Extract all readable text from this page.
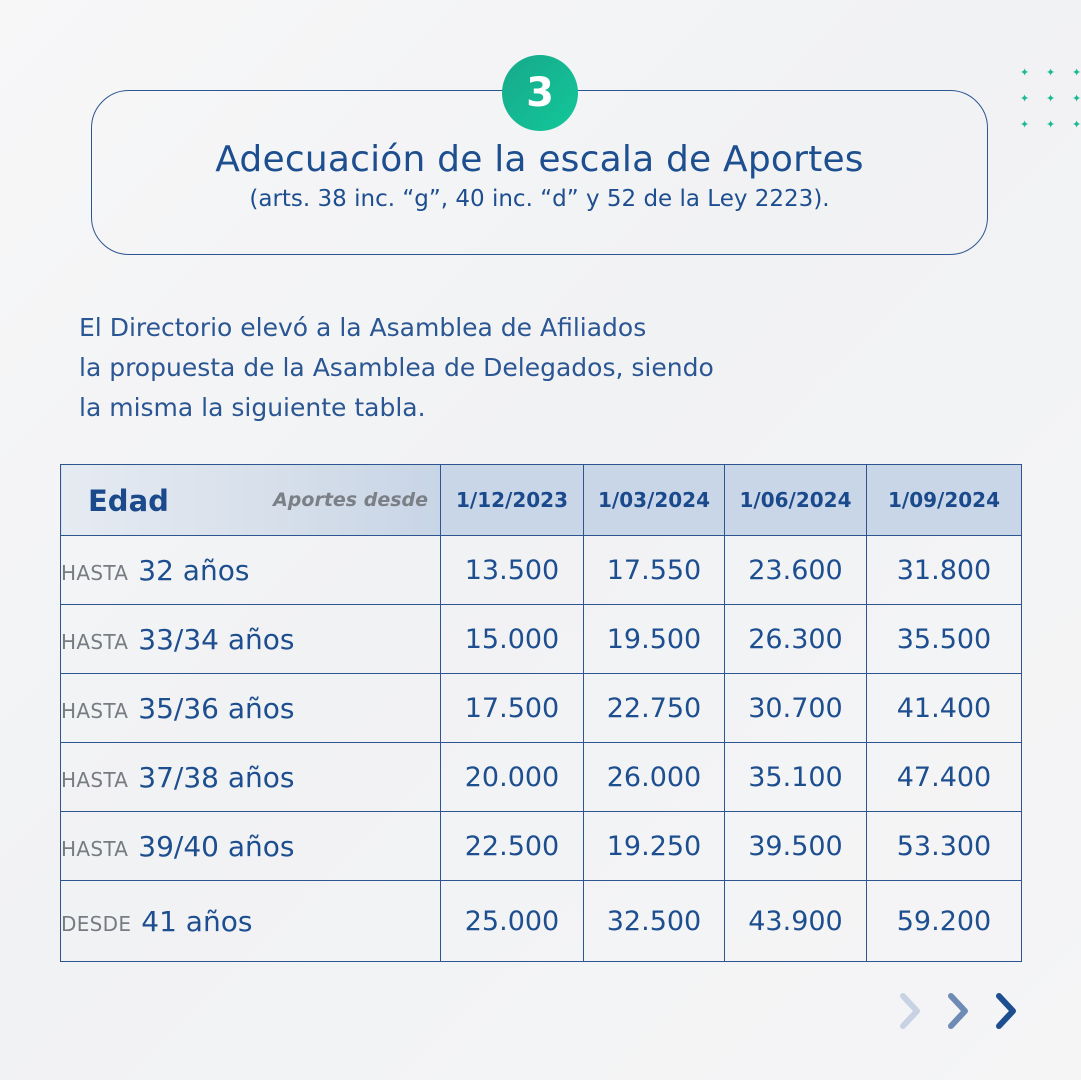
3
Adecuación de la escala de Aportes
(arts. 38 inc. “g”, 40 inc. “d” y 52 de la Ley 2223).
✦ ✦ ✦
✦ ✦ ✦
✦ ✦ ✦
El Directorio elevó a la Asamblea de Afiliados
la propuesta de la Asamblea de Delegados, siendo
la misma la siguiente tabla.
Edad Aportes desde	1/12/2023	1/03/2024	1/06/2024	1/09/2024
HASTA 32 años	13.500	17.550	23.600	31.800
HASTA 33/34 años	15.000	19.500	26.300	35.500
HASTA 35/36 años	17.500	22.750	30.700	41.400
HASTA 37/38 años	20.000	26.000	35.100	47.400
HASTA 39/40 años	22.500	19.250	39.500	53.300
DESDE 41 años	25.000	32.500	43.900	59.200
